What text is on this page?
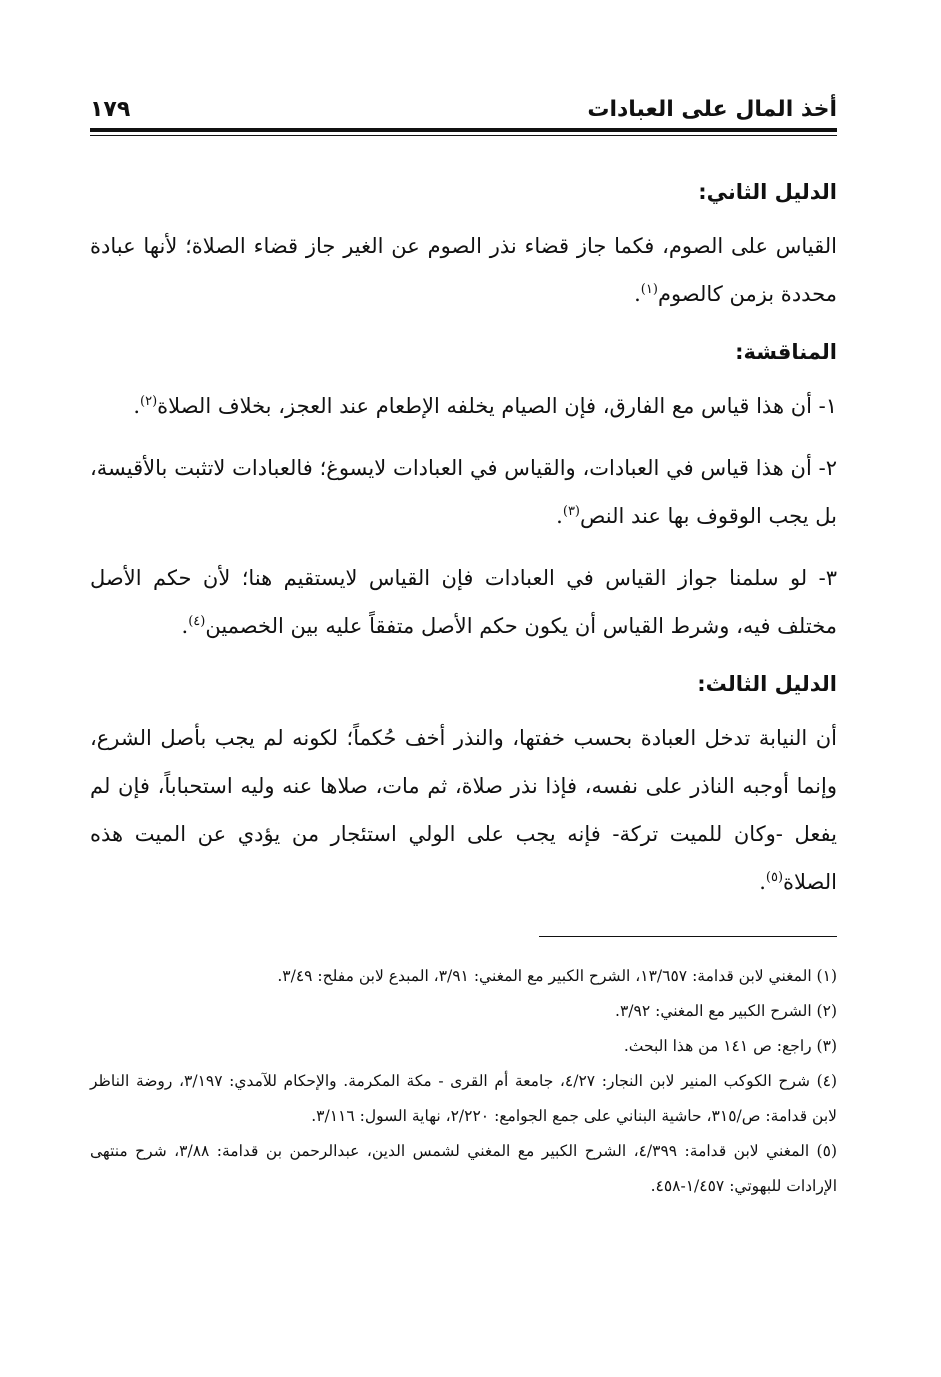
أخذ المال على العبادات
١٧٩
الدليل الثاني:

القياس على الصوم، فكما جاز قضاء نذر الصوم عن الغير جاز قضاء الصلاة؛ لأنها عبادة محددة بزمن كالصوم$^{(١)}$.

المناقشة:

١- أن هذا قياس مع الفارق، فإن الصيام يخلفه الإطعام عند العجز، بخلاف الصلاة$^{(٢)}$.

٢- أن هذا قياس في العبادات، والقياس في العبادات لايسوغ؛ فالعبادات لاتثبت بالأقيسة، بل يجب الوقوف بها عند النص$^{(٣)}$.

٣- لو سلمنا جواز القياس في العبادات فإن القياس لايستقيم هنا؛ لأن حكم الأصل مختلف فيه، وشرط القياس أن يكون حكم الأصل متفقاً عليه بين الخصمين$^{(٤)}$.

الدليل الثالث:

أن النيابة تدخل العبادة بحسب خفتها، والنذر أخف حُكماً؛ لكونه لم يجب بأصل الشرع، وإنما أوجبه الناذر على نفسه، فإذا نذر صلاة، ثم مات، صلاها عنه وليه استحباباً، فإن لم يفعل -وكان للميت تركة- فإنه يجب على الولي استئجار من يؤدي عن الميت هذه الصلاة$^{(٥)}$.

(١) المغني لابن قدامة: ١٣/٦٥٧، الشرح الكبير مع المغني: ٣/٩١، المبدع لابن مفلح: ٣/٤٩.

(٢) الشرح الكبير مع المغني: ٣/٩٢.

(٣) راجع: ص ١٤١ من هذا البحث.

(٤) شرح الكوكب المنير لابن النجار: ٤/٢٧، جامعة أم القرى - مكة المكرمة. والإحكام للآمدي: ٣/١٩٧، روضة الناظر لابن قدامة: ص/٣١٥، حاشية البناني على جمع الجوامع: ٢/٢٢٠، نهاية السول: ٣/١١٦.

(٥) المغني لابن قدامة: ٤/٣٩٩، الشرح الكبير مع المغني لشمس الدين، عبدالرحمن بن قدامة: ٣/٨٨، شرح منتهى الإرادات للبهوتي: ١/٤٥٧-٤٥٨.
